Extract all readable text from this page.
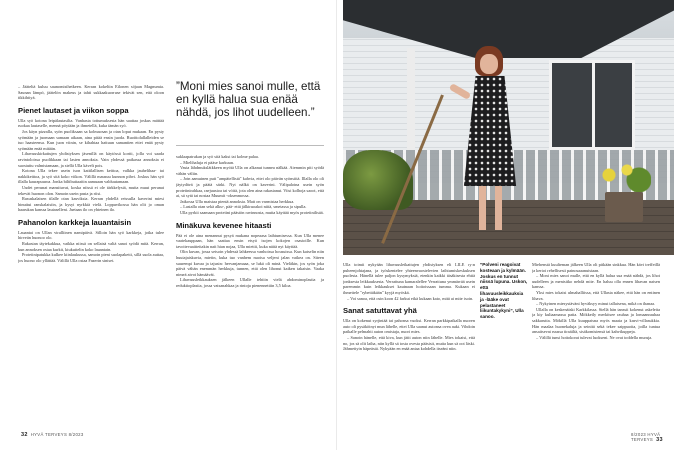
– Jääteltä kuluu saunomisthetkeen. Kerran kokeltin Eilonen söjaan Magnumia. Saunan lämpö, jäätelön makeus ja tahti sukkaakuorruse tekivät sen, että oloon tikkihtiyä.

Pienet lautaset ja viikon soppa

Ulla syö kotona leipälautasilta. Vanhasta tottumuksesta hän saattaa joskus mättää ruokaa lautaselle, mennä pöytään ja ihmetellä, kuka tämän syö.

Jos käyn pizzalla, syön puoliksaan sa kolmaosan ja otan loput mukaan. En pysty syömään ja juomaan samaan aikaan, aina pitää ensin juoda. Ruoittolallalleiden se tuo haasteensa. Kun juon viinin, se kihahtaa hattuun samantien ettei enää pysty syömään enää mitään.

Lihavuuskirkattujen yhdistyksen jäsenillä on käytössä kortti, jolla voi saada ravintoloissa puolikkaan tai lasten annoksia. Vain yhdessä paikassa annoksia ei suostuttu valmistamaan, ja siellä Ulla kävelt pois.

Kotona Ulla tekee usein ison kattilallisen keittoa, valkka jauhelihaa- tai nakkikeittoa, ja syö sitä koko viikon. Välillä mausuu kunnon pihvi. Joskus hän syö illalla kaurapuuroa. Jonka biltibuttaaitin aamuaan valduutamaan.

Uudet perunat mansituvat, koska niissä ei ole tärkkelystä, mutta muut perunat tekevät huonon olon. Samoin usein pasta ja riisi.

Rasuskalaisen tilalle otan kasviksia. Kerran yhdellä reissulla kaverini miesi hinuttui ranskalaisiin, ja kysyi nyrkkiä vielä. Loppuvikossa hän olit jo oman haarukan kanssa lautaselleni. Jaetaan ilo on yhteinen ilo.

Pahanolon karkkeja lauantaisin

Lauantai on Ullan viralliinen namipäivä. Silloin hän syö karkkeja, jotka tulee hirveän huonoo olo.

Rakastan täytekakkua, vaikka niissä on sellaisä valtä sanoi syödä mitä. Kerran, kun annoksen ostaa kurkit, kiukuttelin koko lauantain.

Proteiinipatukka kulkee kiinlaukussa, samoin pieni suolapaketti, sillä suola auttaa, jos huono olo yllättää. Välillä Ulla ostaa Fazerin siniset.

”Moni mies sanoi mulle, että en kyllä halua sua enää nähdä, jos lihot uudelleen.”

suklaapatrukan ja syö sitä kaksi tai kolme palaa.

– Mielihaluja ei pääse karkuun.

Vasta lähdmukslätkkeen myötä Ulla on alkanut tunnea nälkää. Aiemmin piti syödä vähän väliin.

– Jotn aamuinen putt "ampätellistä" kahvia, ettei olo päivän syönsiitä. Illalla olo oli jäytydävä ja päätä särki. Nyt nälkä on kaverini. Välipaloina usein syön proteiinirahkaa, raejuustoa tai vöitä, jota olen aina rakastanut. Viisi kolhoja saoot, että ai, sä sytä tai nostaa Muumit -oksenmossa.

Jatkossa Ulla maistaa pientä annoksia. Matt on varmistaa herkkua.

– Lastalla otan sekä alku-, pää- että jälkiruoakoi niitä, smetassa ja sipulla.

Ulla pyrkii saamaan proteiini päästön ravinnosta, mutta käyttää myös proteiinilisää.

Minäkuva kevenee hitaasti

Pää ei ole aina menannut pysyä mukana nopeaasa laihtumisessa. Kun Ulla menee vaatekauppaan, hän saattaa ensin etsyä isojen kokojen osastoille. Kun tavoitevaaitteitakin nait hian nojaa, Ulla miettii, kuka näitä nyt käyttää.

Olin kuvan, jossa seisoin yhdessä lahkeessa vanhoissa housuissa. Kun katselin niin huutajaiskuvia, mietin, kuka tuo vanhem nuoisa veljeni jalan vaikea on. Siteen suurempi kuvaa ja tajusin: hervanjamaaa, se lukä oli minä. Vieläkin, jos syön joka päivä vähän enemmän herkkuja, tunnen, että olen lihonut kaiken takaisin. Vaaka nimeä aivot hämäävät.

Lihavuusleikkauksen jälkeen Ullalle tehtiin vielä abdominoplastia ja reduktioplastia, jossa vatsanahkaa ja rintoja pienennettiin 3,5 kiloa.

32 HYVÄ TERVEYS 8/2023	8/2023 HYVÄ TERVEYS 33

Ulla toimii nykyään lihavuusleikattujen yhdistyksen eli LILE ry:n puheenjohtajana, ja työskentelee yhteenvaostelevien laihtumiskeskuksen puolesta. Hänellä tulee paljon kysymyksiä, etenkin kaikki täsäkisesta ehtiä jonksesta leikkauksesta. Verrattuna kamaralellee Verrattuna ymmärrää usein paremmin kuin leikkaukset kautnaan hoitoissaan tumma. Kukaan ei ihmettele "rybettäkään" kyyjä myöskä.

– Voi sanoa, että osin koon 42 farkut eikä kukaan kato, mitä ai mite isoin.

Sanat satuttavat yhä

Ulla on kokenut syrjintää tai pahonsa vuoksi. Kerran parkkipaikalla nuoren auto oli pysäköinyt mun lähelle, ettei Ulla saanut autonsa ovea auki. Vihdoin paikalle pelmahti auton omistaja, nuori mies.

– Sanoin hänelle, että kiva, kun jätit auton niin lähelle. Mies tokaisi, että no, jos sä olit laiha, niin kyllä sä tosta ovesta pääsisit, mutta kun sä oot läski. Jähmettyin häpeästä. Nykyään en enää antaa kohdella itseäni niin.

”Polveni reagoivat kosteaan ja kylmään. Joskus en tunnut niissä lupuna. Uskon, että lihavuusleikkauksia ja -lääke ovat pelastaneet liikuntakykyni”, Ulla sanoo.

Miehenstä kuulteman jälkeen Ulla oli pitkään sinkkua. Hän kävi treffeillä ja kertoi rehellisesti painosaaanuistaan.

– Moni mies sanoi mulle, että en kyllä halua sua enää nähdä, jos lihot uudelleen ja menisitko nehdä mite. En haluu olla ennen lihavan naisen kanssa.

Yksi mies tokaisi ulmahalliissa, että Ullasta näkee, että hän on entinen lihava.

– Nykyinen miesystäväni hyväksyy minut tallaisena, mikä on ihanaa.

Ullalla on keskenäiski Karkkilassa. Siellä hän tanssii kokenut askeleita ja kiy kuliaamassa patia. Mökkeily merkitsee rauhaa ja lomaanrauhaa sakkarutta. Mökillä Ulla kuuppaisna myös maaia ja kasvi-villasukkia. Hän maalaa huonekaluja ja seinitä sekä tekee saippuoita, joilla tuntua ansaitsevat ruussa tiraäiltä, sisäkomisiensä tai kahvikuppeja.

– Välillä tunsi hottokorat tulevat luokseni. Ne ovat toddella muruja.
